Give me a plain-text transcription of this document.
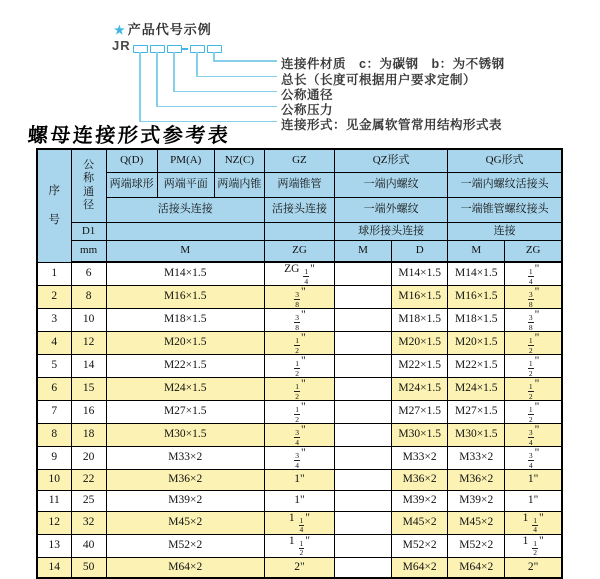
★ 产品代号示例
JR
连接件材质　c：为碳钢　b：为不锈钢
总长（长度可根据用户要求定制）
公称通径
公称压力
连接形式：见金属软管常用结构形式表
螺母连接形式参考表
序
号	公
称
通
径	Q(D)	PM(A)	NZ(C)	GZ	QZ形式		QG形式	
		两端球形	两端平面	两端内锥	两端锥管	一端内螺纹		一端内螺纹活接头	
		活接头连接			活接头连接	一端外螺纹		一端锥管螺纹接头	
	D1					球形接头连接		连接	
	mm	M			ZG	M	D	M	ZG
1	6	M14×1.5			ZG $\frac{1}{4}$ "		M14×1.5	M14×1.5	$\frac{1}{4}$ "
2	8	M16×1.5			$\frac{3}{8}$ "		M16×1.5	M16×1.5	$\frac{3}{8}$ "
3	10	M18×1.5			$\frac{3}{8}$ "		M18×1.5	M18×1.5	$\frac{3}{8}$ "
4	12	M20×1.5			$\frac{1}{2}$ "		M20×1.5	M20×1.5	$\frac{1}{2}$ "
5	14	M22×1.5			$\frac{1}{2}$ "		M22×1.5	M22×1.5	$\frac{1}{2}$ "
6	15	M24×1.5			$\frac{1}{2}$ "		M24×1.5	M24×1.5	$\frac{1}{2}$ "
7	16	M27×1.5			$\frac{1}{2}$ "		M27×1.5	M27×1.5	$\frac{1}{2}$ "
8	18	M30×1.5			$\frac{3}{4}$ "		M30×1.5	M30×1.5	$\frac{3}{4}$ "
9	20	M33×2			$\frac{3}{4}$ "		M33×2	M33×2	$\frac{3}{4}$ "
10	22	M36×2			1"		M36×2	M36×2	1"
11	25	M39×2			1"		M39×2	M39×2	1"
12	32	M45×2			$1 \frac{1}{4}$ "		M45×2	M45×2	$1 \frac{1}{4}$ "
13	40	M52×2			$1 \frac{1}{2}$ "		M52×2	M52×2	$1 \frac{1}{2}$ "
14	50	M64×2			2"		M64×2	M64×2	2"
